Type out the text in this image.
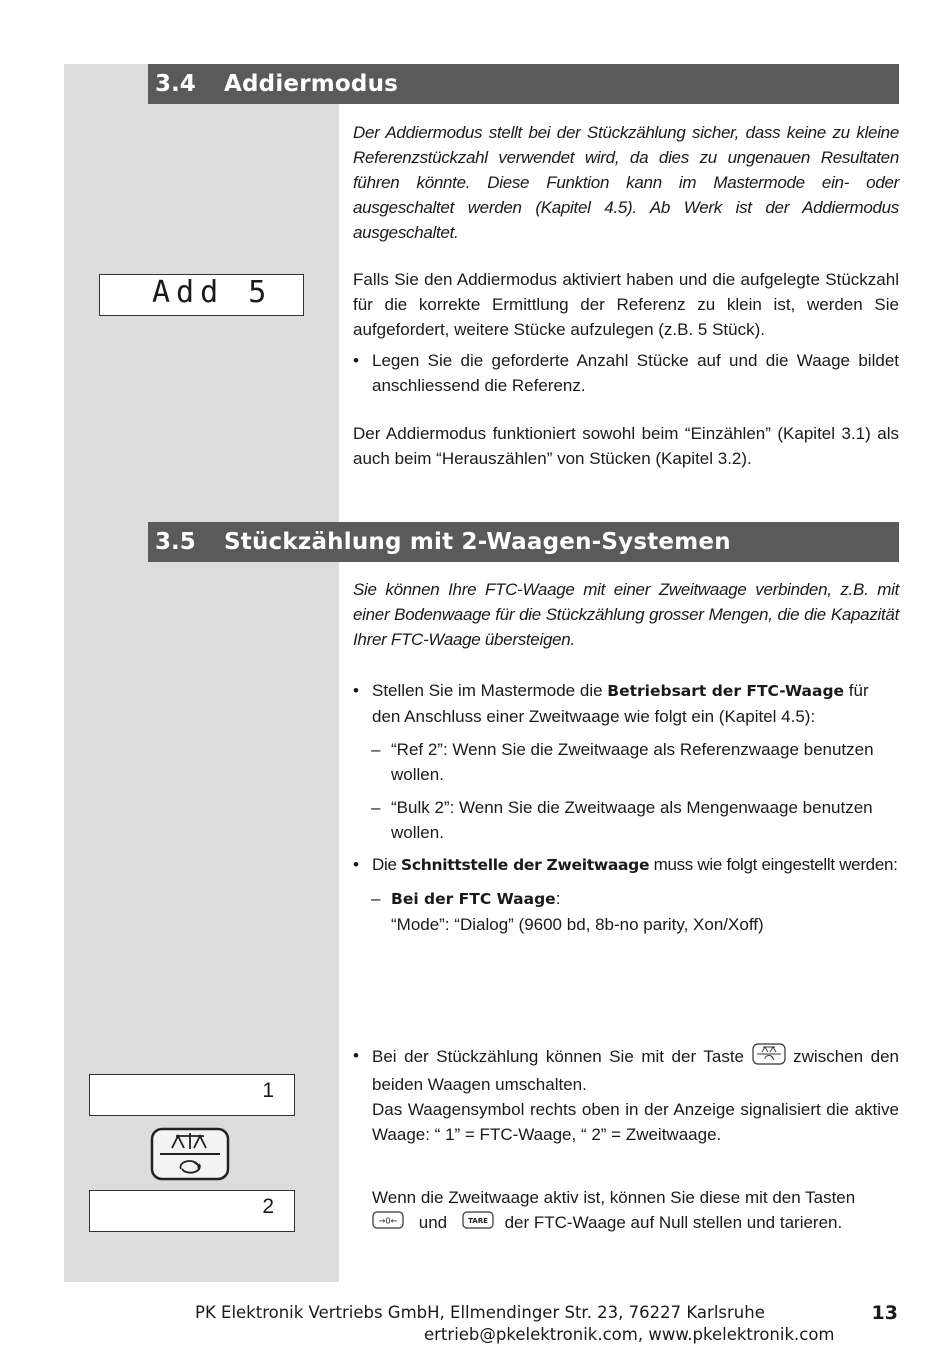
3.4 Addiermodus

Der Addiermodus stellt bei der Stückzählung sicher, dass keine zu kleine Referenzstückzahl verwendet wird, da dies zu ungenauen Resultaten führen könnte. Diese Funktion kann im Mastermode ein- oder ausgeschaltet werden (Kapitel 4.5). Ab Werk ist der Addiermodus ausgeschaltet.

Falls Sie den Addiermodus aktiviert haben und die aufgelegte Stückzahl für die korrekte Ermittlung der Referenz zu klein ist, werden Sie aufgefordert, weitere Stücke aufzulegen (z.B. 5 Stück).

• Legen Sie die geforderte Anzahl Stücke auf und die Waage bildet anschliessend die Referenz.

Der Addiermodus funktioniert sowohl beim “Einzählen” (Kapitel 3.1) als auch beim “Herauszählen” von Stücken (Kapitel 3.2).

Add 5
3.5 Stückzählung mit 2-Waagen-Systemen

Sie können Ihre FTC-Waage mit einer Zweitwaage verbinden, z.B. mit einer Bodenwaage für die Stückzählung grosser Mengen, die die Kapazität Ihrer FTC-Waage übersteigen.

• Stellen Sie im Mastermode die Betriebsart der FTC-Waage für den Anschluss einer Zweitwaage wie folgt ein (Kapitel 4.5):
– “Ref 2”: Wenn Sie die Zweitwaage als Referenzwaage benutzen wollen.
– “Bulk 2”: Wenn Sie die Zweitwaage als Mengenwaage benutzen wollen.
• Die Schnittstelle der Zweitwaage muss wie folgt eingestellt werden:
– Bei der FTC Waage:
“Mode”: “Dialog” (9600 bd, 8b-no parity, Xon/Xoff)
• Bei der Stückzählung können Sie mit der Taste	zwischen den beiden Waagen umschalten.
Das Waagensymbol rechts oben in der Anzeige signalisiert die aktive Waage: “ 1” = FTC-Waage, “ 2” = Zweitwaage.
Wenn die Zweitwaage aktiv ist, können Sie diese mit den Tasten

→0← und	TARE der FTC-Waage auf Null stellen und tarieren.
1
2
PK Elektronik Vertriebs GmbH, Ellmendinger Str. 23, 76227 Karlsruhe
ertrieb@pkelektronik.com, www.pkelektronik.com
13
